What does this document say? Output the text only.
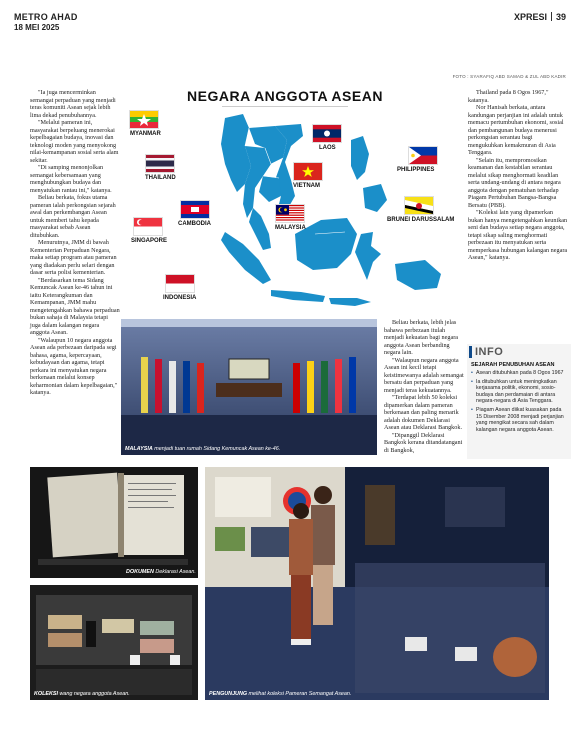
METRO AHAD
18 MEI 2025
XPRESI 39
FOTO : SYARAFIQ ABD SAMAD & ZUL ABD KADIR
NEGARA ANGGOTA ASEAN
MYANMAR
THAILAND
CAMBODIA
SINGAPORE
INDONESIA
LAOS
VIETNAM
MALAYSIA
PHILIPPINES
BRUNEI DARUSSALAM

"Ia juga mencerminkan semangat perpaduan yang menjadi teras komuniti Asean sejak lebih lima dekad penubuhannya.

"Melalui pameran ini, masyarakat berpeluang menerokai kepelbagaian budaya, inovasi dan teknologi moden yang menyokong nilai-kemampanan sosial serta alam sekitar.

"Di samping menonjolkan semangat kebersamaan yang menghubungkan budaya dan menyatukan rantau ini," katanya.

Beliau berkata, fokus utama pameran ialah perkongsian sejarah awal dan perkembangan Asean untuk memberi tahu kepada masyarakat sebab Asean ditubuhkan.

Menurutnya, JMM di bawah Kementerian Perpaduan Negara, maka setiap program atau pameran yang diadakan perlu selari dengan dasar serta polisi kementerian.

"Berdasarkan tema Sidang Kemuncak Asean ke-46 tahun ini iaitu Keterangkuman dan Kemampanan, JMM mahu mengetengahkan bahawa perpaduan bukan sahaja di Malaysia tetapi juga dalam kalangan negara anggota Asean.

"Walaupun 10 negara anggota Asean ada perbezaan daripada segi bahasa, agama, kepercayaan, kebudayaan dan agama, tetapi perkara ini menyatukan negara berkenaan melalui konsep keharmonian dalam kepelbagaian," katanya.

MALAYSIA menjadi tuan rumah Sidang Kemuncak Asean ke-46.

Beliau berkata, lebih jelas bahawa perbezaan itulah menjadi kekuatan bagi negara anggota Asean berbanding negara lain.

"Walaupun negara anggota Asean ini kecil tetapi keistimewanya adalah semangat bersatu dan perpaduan yang menjadi teras kekuatannya.

"Terdapat lebih 50 koleksi dipamerkan dalam pameran berkenaan dan paling menarik adalah dokumen Deklarasi Asean atau Deklarasi Bangkok.

"Dipanggil Deklarasi Bangkok kerana ditandatangani di Bangkok,

Thailand pada 8 Ogos 1967," katanya.

Nor Hanisah berkata, antara kandungan perjanjian ini adalah untuk memacu pertumbuhan ekonomi, sosial dan pembangunan budaya menerusi perkongsian serantau bagi mengukuhkan kemakmuran di Asia Tenggara.

"Selain itu, mempromosikan keamanan dan kestabilan serantau melalui sikap menghormati keadilan serta undang-undang di antara negara anggota dengan pematuhan terhadap Piagam Pertubuhan Bangsa-Bangsa Bersatu (PBB).

"Koleksi lain yang dipamerkan bukan hanya mengetengahkan keunikan seni dan budaya setiap negara anggota, tetapi sikap saling menghormati perbezaan itu menyatukan serta memperkasa hubungan kalangan negara Asean," katanya.

INFO
SEJARAH PENUBUHAN ASEAN
• Asean ditubuhkan pada 8 Ogos 1967
• Ia ditubuhkan untuk meningkatkan kerjasama politik, ekonomi, sosio-budaya dan perdamaian di antara negara-negara di Asia Tenggara.
• Piagam Asean diikat kuasakan pada 15 Disember 2008 menjadi perjanjian yang mengikat secara sah dalam kalangan negara anggota Asean.
DOKUMEN Deklarasi Asean.
KOLEKSI wang negara anggota Asean.	PENGUNJUNG melihat koleksi Pameran Semangat Asean.
